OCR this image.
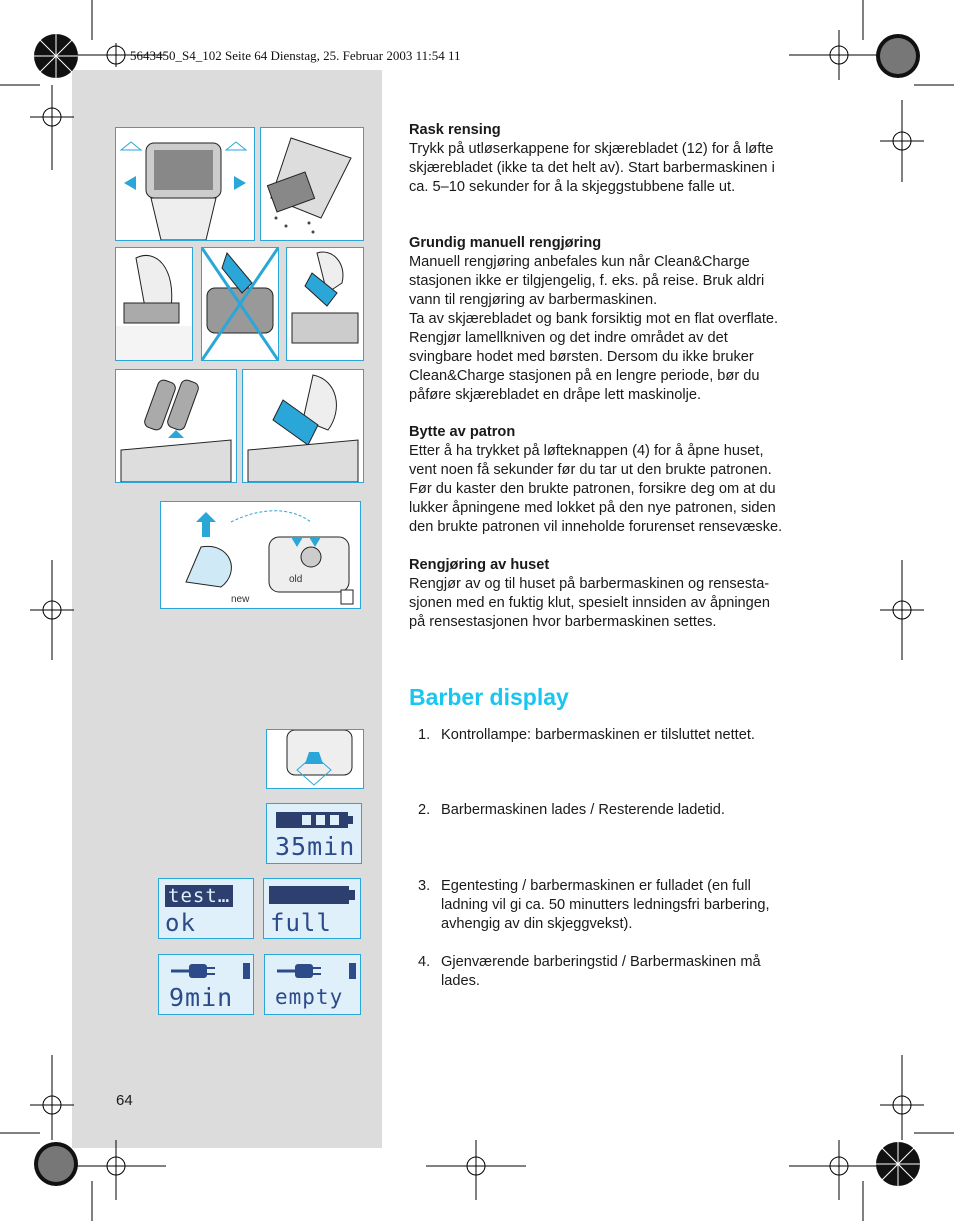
5643450_S4_102 Seite 64 Dienstag, 25. Februar 2003 11:54 11
new
old
35min
test…
ok	full
9min empty
Rask rensing
Trykk på utløserkappene for skjærebladet (12) for å løfte
skjærebladet (ikke ta det helt av). Start barbermaskinen i
ca. 5–10 sekunder for å la skjeggstubbene falle ut.
Grundig manuell rengjøring
Manuell rengjøring anbefales kun når Clean&Charge
stasjonen ikke er tilgjengelig, f. eks. på reise. Bruk aldri
vann til rengjøring av barbermaskinen.
Ta av skjærebladet og bank forsiktig mot en flat overflate.
Rengjør lamellkniven og det indre området av det
svingbare hodet med børsten. Dersom du ikke bruker
Clean&Charge stasjonen på en lengre periode, bør du
påføre skjærebladet en dråpe lett maskinolje.
Bytte av patron
Etter å ha trykket på løfteknappen (4) for å åpne huset,
vent noen få sekunder før du tar ut den brukte patronen.
Før du kaster den brukte patronen, forsikre deg om at du
lukker åpningene med lokket på den nye patronen, siden
den brukte patronen vil inneholde forurenset rensevæske.
Rengjøring av huset
Rengjør av og til huset på barbermaskinen og rensesta-
sjonen med en fuktig klut, spesielt innsiden av åpningen
på rensestasjonen hvor barbermaskinen settes.
Barber display
1. Kontrollampe: barbermaskinen er tilsluttet nettet.
2. Barbermaskinen lades / Resterende ladetid.
3. Egentesting / barbermaskinen er fulladet (en full
ladning vil gi ca. 50 minutters ledningsfri barbering,
avhengig av din skjeggvekst).
4. Gjenværende barberingstid / Barbermaskinen må
lades.
64
